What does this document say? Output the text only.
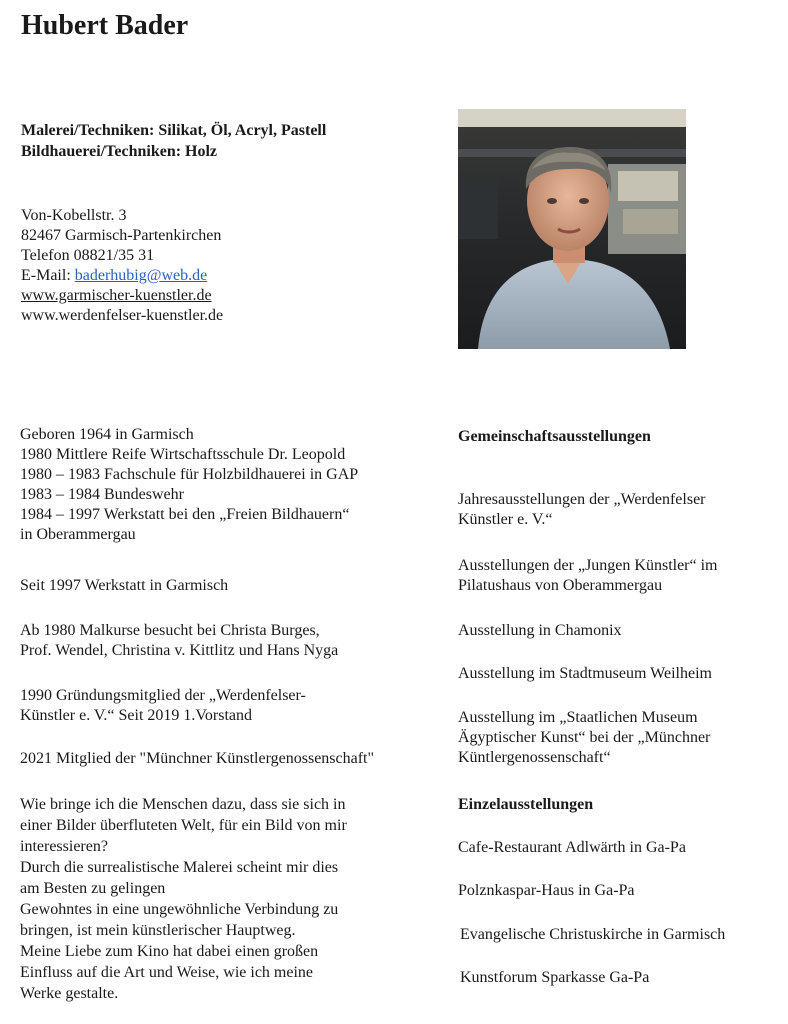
Hubert Bader
Malerei/Techniken: Silikat, Öl, Acryl, Pastell
Bildhauerei/Techniken: Holz
Von-Kobellstr. 3
82467 Garmisch-Partenkirchen
Telefon 08821/35 31
E-Mail: baderhubig@web.de
www.garmischer-kuenstler.de
www.werdenfelser-kuenstler.de
Geboren 1964 in Garmisch
1980 Mittlere Reife Wirtschaftsschule Dr. Leopold
1980 – 1983 Fachschule für Holzbildhauerei in GAP
1983 – 1984 Bundeswehr
1984 – 1997 Werkstatt bei den „Freien Bildhauern“
in Oberammergau
Seit 1997 Werkstatt in Garmisch
Ab 1980 Malkurse besucht bei Christa Burges,
Prof. Wendel, Christina v. Kittlitz und Hans Nyga
1990 Gründungsmitglied der „Werdenfelser-
Künstler e. V.“ Seit 2019 1.Vorstand
2021 Mitglied der "Münchner Künstlergenossenschaft"
Wie bringe ich die Menschen dazu, dass sie sich in
einer Bilder überfluteten Welt, für ein Bild von mir
interessieren?
Durch die surrealistische Malerei scheint mir dies
am Besten zu gelingen
Gewohntes in eine ungewöhnliche Verbindung zu
bringen, ist mein künstlerischer Hauptweg.
Meine Liebe zum Kino hat dabei einen großen
Einfluss auf die Art und Weise, wie ich meine
Werke gestalte.
Gemeinschaftsausstellungen
Jahresausstellungen der „Werdenfelser
Künstler e. V.“
Ausstellungen der „Jungen Künstler“ im
Pilatushaus von Oberammergau
Ausstellung in Chamonix
Ausstellung im Stadtmuseum Weilheim
Ausstellung im „Staatlichen Museum
Ägyptischer Kunst“ bei der „Münchner
Küntlergenossenschaft“
Einzelausstellungen
Cafe-Restaurant Adlwärth in Ga-Pa
Polznkaspar-Haus in Ga-Pa
Evangelische Christuskirche in Garmisch
Kunstforum Sparkasse Ga-Pa
